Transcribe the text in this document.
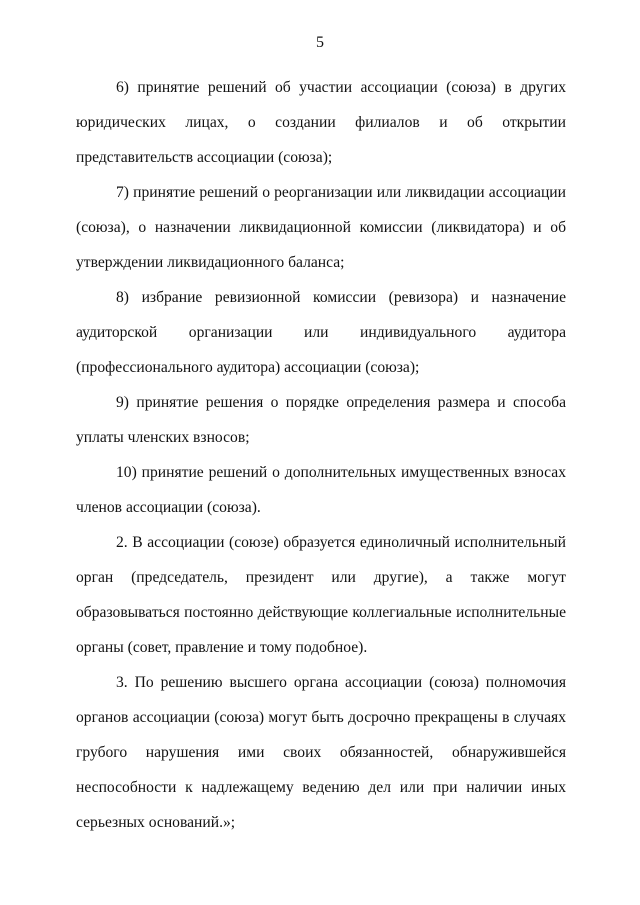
5

6) принятие решений об участии ассоциации (союза) в других юридических лицах, о создании филиалов и об открытии представительств ассоциации (союза);

7) принятие решений о реорганизации или ликвидации ассоциации (союза), о назначении ликвидационной комиссии (ликвидатора) и об утверждении ликвидационного баланса;

8) избрание ревизионной комиссии (ревизора) и назначение аудиторской организации или индивидуального аудитора (профессионального аудитора) ассоциации (союза);

9) принятие решения о порядке определения размера и способа уплаты членских взносов;

10) принятие решений о дополнительных имущественных взносах членов ассоциации (союза).

2. В ассоциации (союзе) образуется единоличный исполнительный орган (председатель, президент или другие), а также могут образовываться постоянно действующие коллегиальные исполнительные органы (совет, правление и тому подобное).

3. По решению высшего органа ассоциации (союза) полномочия органов ассоциации (союза) могут быть досрочно прекращены в случаях грубого нарушения ими своих обязанностей, обнаружившейся неспособности к надлежащему ведению дел или при наличии иных серьезных оснований.»;
